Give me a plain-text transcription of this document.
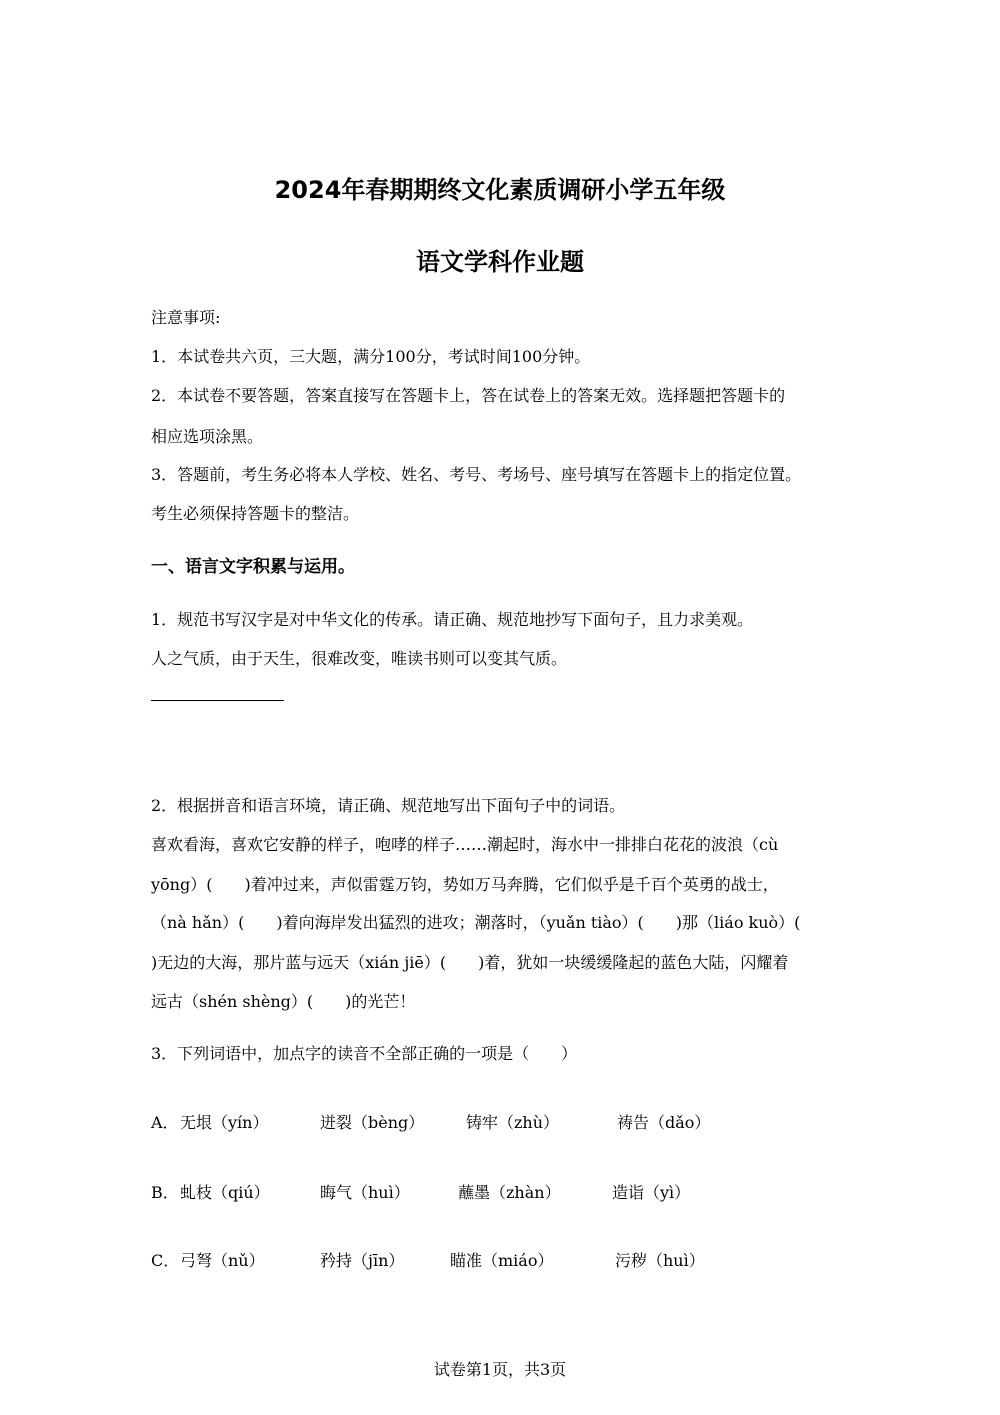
2024年春期期终文化素质调研小学五年级
语文学科作业题
注意事项:
1．本试卷共六页，三大题，满分100分，考试时间100分钟。
2．本试卷不要答题，答案直接写在答题卡上，答在试卷上的答案无效。选择题把答题卡的
相应选项涂黑。
3．答题前，考生务必将本人学校、姓名、考号、考场号、座号填写在答题卡上的指定位置。
考生必须保持答题卡的整洁。
一、语言文字积累与运用。
1．规范书写汉字是对中华文化的传承。请正确、规范地抄写下面句子，且力求美观。
人之气质，由于天生，很难改变，唯读书则可以变其气质。
2．根据拼音和语言环境，请正确、规范地写出下面句子中的词语。
喜欢看海，喜欢它安静的样子，咆哮的样子……潮起时，海水中一排排白花花的波浪（cù
yōng）(　　)着冲过来，声似雷霆万钧，势如万马奔腾，它们似乎是千百个英勇的战士，
（nà hǎn）(　　)着向海岸发出猛烈的进攻；潮落时，（yuǎn tiào）(　　)那（liáo kuò）(
)无边的大海，那片蓝与远天（xián jiē）(　　)着，犹如一块缓缓隆起的蓝色大陆，闪耀着
远古（shén shèng）(　　)的光芒！
3．下列词语中，加点字的读音不全部正确的一项是（　　）
A． 无垠（yín）	迸裂（bèng）	铸牢（zhù）	祷告（dǎo）
B． 虬枝（qiú）	晦气（huì）	蘸墨（zhàn）	造诣（yì）
C． 弓弩（nǔ）	矜持（jīn）	瞄准（miáo）	污秽（huì）
试卷第1页，共3页
